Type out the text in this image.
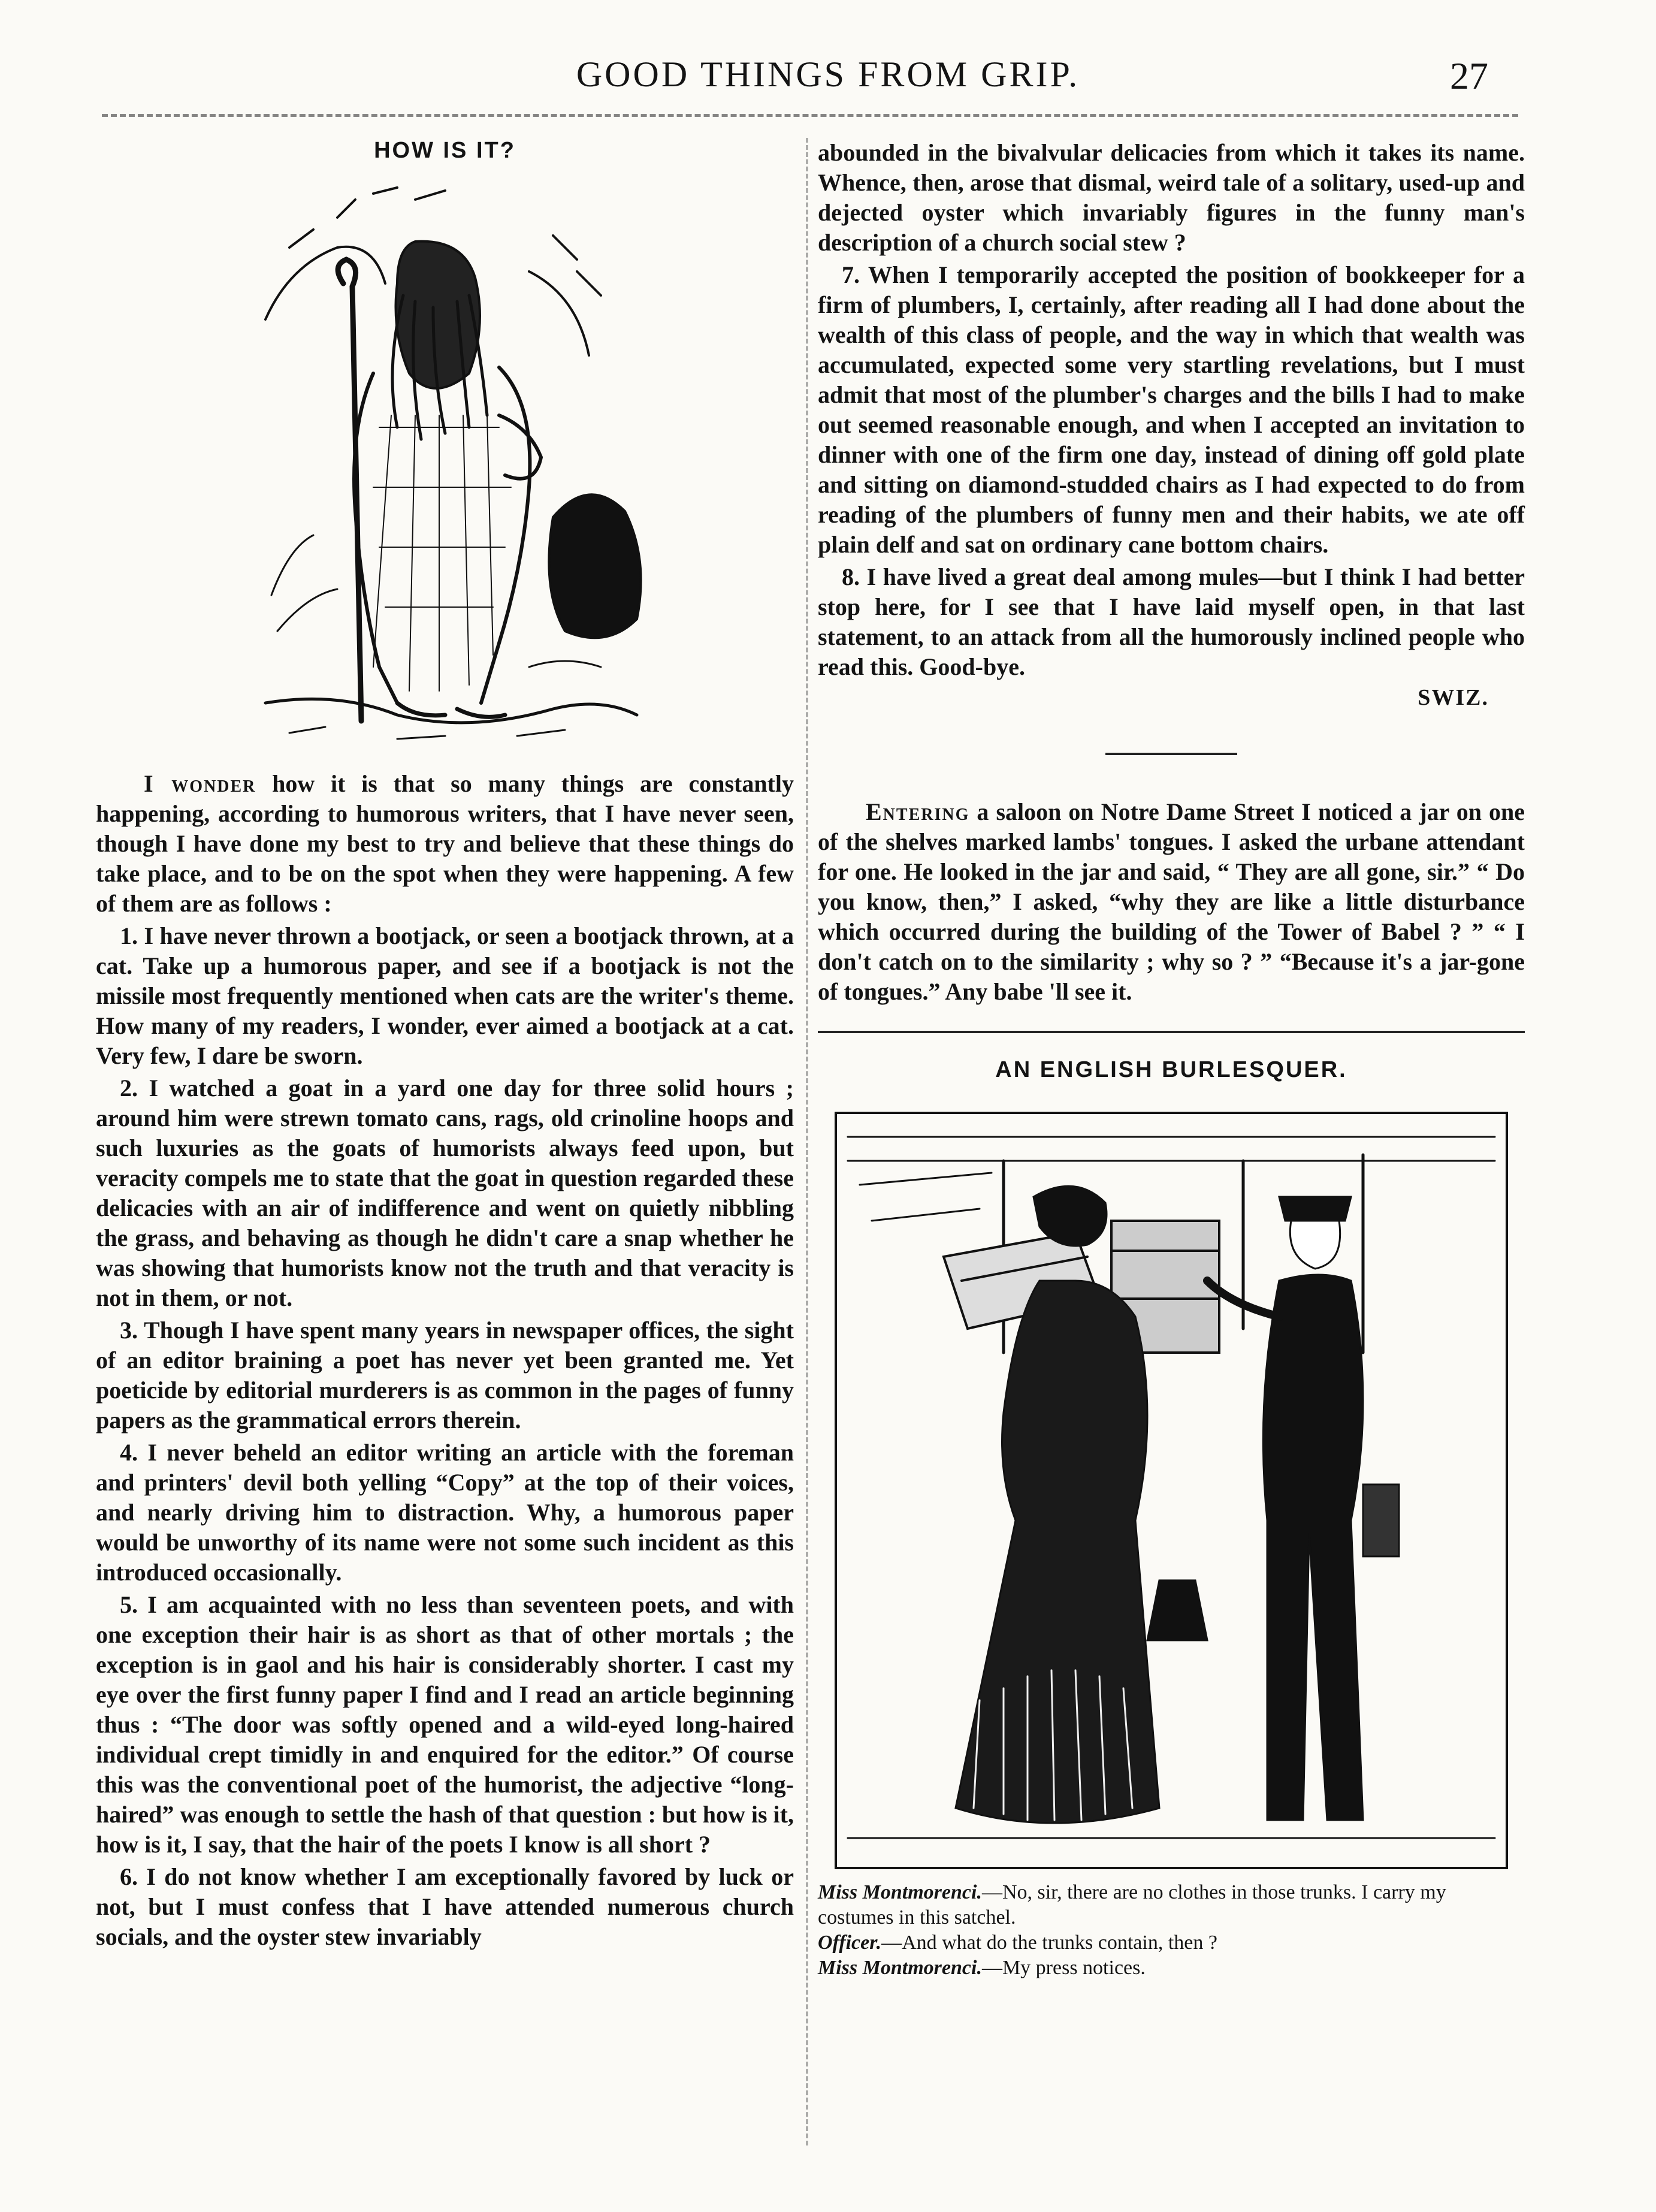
GOOD THINGS FROM GRIP.	27
HOW IS IT?

I wonder how it is that so many things are constantly happening, according to humorous writers, that I have never seen, though I have done my best to try and believe that these things do take place, and to be on the spot when they were happening. A few of them are as follows :

1. I have never thrown a bootjack, or seen a bootjack thrown, at a cat. Take up a humorous paper, and see if a bootjack is not the missile most frequently mentioned when cats are the writer's theme. How many of my readers, I wonder, ever aimed a bootjack at a cat. Very few, I dare be sworn.

2. I watched a goat in a yard one day for three solid hours ; around him were strewn tomato cans, rags, old crinoline hoops and such luxuries as the goats of humorists always feed upon, but veracity compels me to state that the goat in question regarded these delicacies with an air of indifference and went on quietly nibbling the grass, and behaving as though he didn't care a snap whether he was showing that humorists know not the truth and that veracity is not in them, or not.

3. Though I have spent many years in newspaper offices, the sight of an editor braining a poet has never yet been granted me. Yet poeticide by editorial murderers is as common in the pages of funny papers as the grammatical errors therein.

4. I never beheld an editor writing an article with the foreman and printers' devil both yelling “Copy” at the top of their voices, and nearly driving him to distraction. Why, a humorous paper would be unworthy of its name were not some such incident as this introduced occasionally.

5. I am acquainted with no less than seventeen poets, and with one exception their hair is as short as that of other mortals ; the exception is in gaol and his hair is considerably shorter. I cast my eye over the first funny paper I find and I read an article beginning thus : “The door was softly opened and a wild-eyed long-haired individual crept timidly in and enquired for the editor.” Of course this was the conventional poet of the humorist, the adjective “long-haired” was enough to settle the hash of that question : but how is it, how is it, I say, that the hair of the poets I know is all short ?

6. I do not know whether I am exceptionally favored by luck or not, but I must confess that I have attended numerous church socials, and the oyster stew invariably

abounded in the bivalvular delicacies from which it takes its name. Whence, then, arose that dismal, weird tale of a solitary, used-up and dejected oyster which invariably figures in the funny man's description of a church social stew ?

7. When I temporarily accepted the position of bookkeeper for a firm of plumbers, I, certainly, after reading all I had done about the wealth of this class of people, and the way in which that wealth was accumulated, expected some very startling revelations, but I must admit that most of the plumber's charges and the bills I had to make out seemed reasonable enough, and when I accepted an invitation to dinner with one of the firm one day, instead of dining off gold plate and sitting on diamond-studded chairs as I had expected to do from reading of the plumbers of funny men and their habits, we ate off plain delf and sat on ordinary cane bottom chairs.

8. I have lived a great deal among mules—but I think I had better stop here, for I see that I have laid myself open, in that last statement, to an attack from all the humorously inclined people who read this. Good-bye.

SWIZ.

Entering a saloon on Notre Dame Street I noticed a jar on one of the shelves marked lambs' tongues. I asked the urbane attendant for one. He looked in the jar and said, “ They are all gone, sir.” “ Do you know, then,” I asked, “why they are like a little disturbance which occurred during the building of the Tower of Babel ? ” “ I don't catch on to the similarity ; why so ? ” “Because it's a jar-gone of tongues.” Any babe 'll see it.

AN ENGLISH BURLESQUER.

Miss Montmorenci.—No, sir, there are no clothes in those trunks. I carry my costumes in this satchel.

Officer.—And what do the trunks contain, then ?

Miss Montmorenci.—My press notices.
